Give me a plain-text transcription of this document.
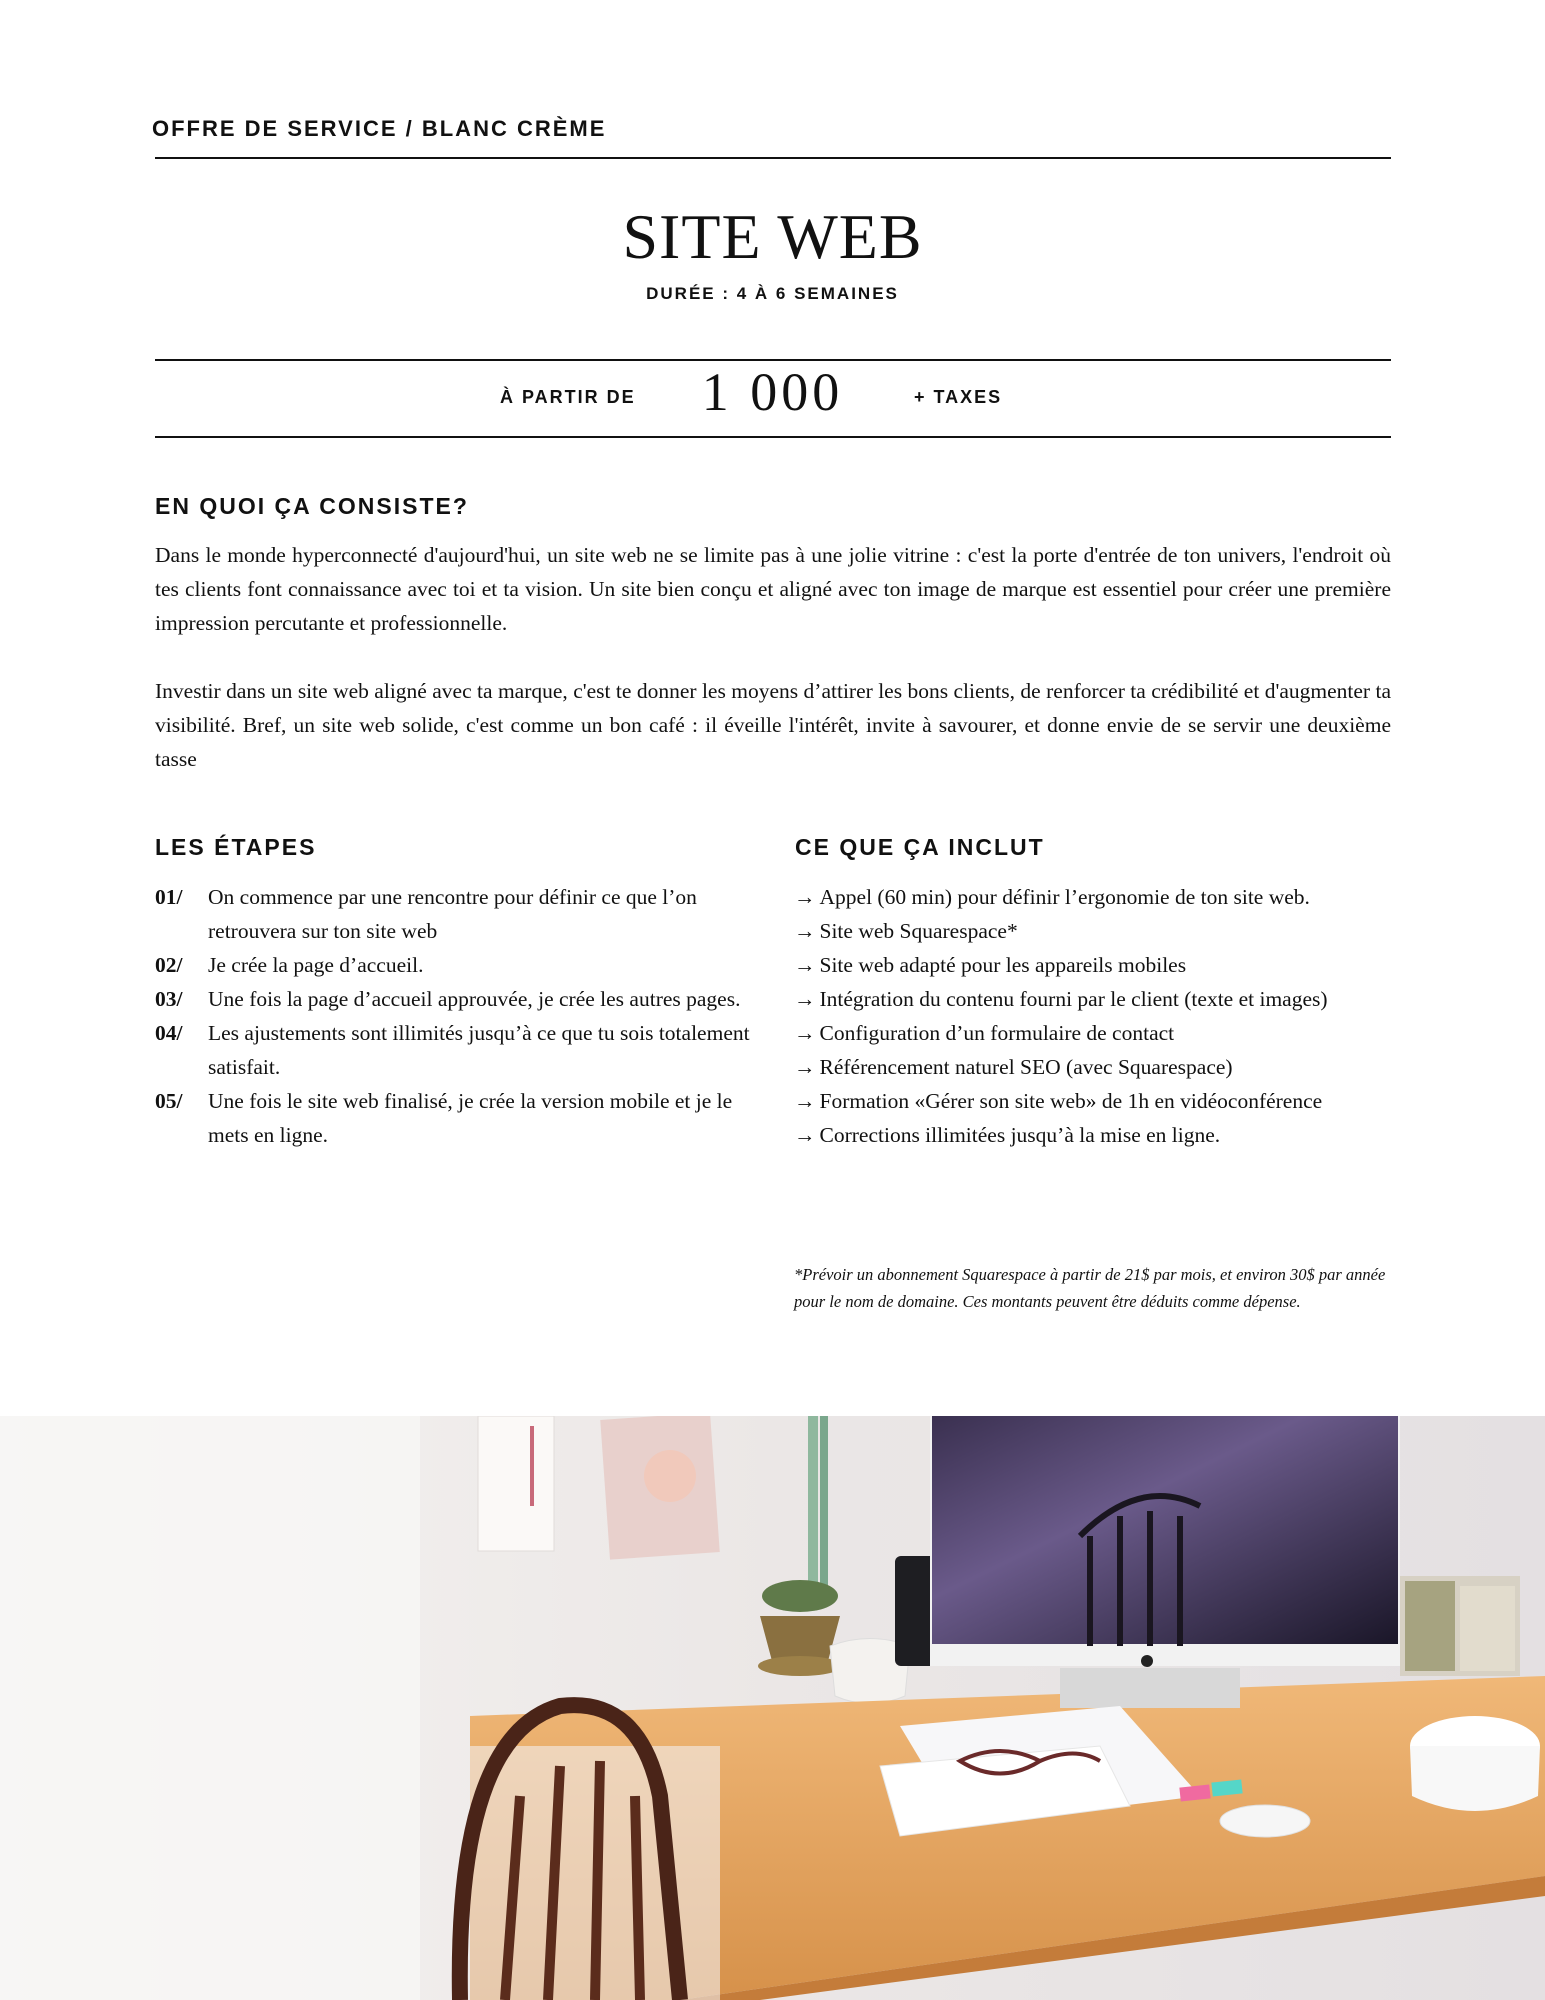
OFFRE DE SERVICE / BLANC CRÈME
SITE WEB
DURÉE : 4 À 6 SEMAINES
À PARTIR DE	1 000	+ TAXES
EN QUOI ÇA CONSISTE?

Dans le monde hyperconnecté d'aujourd'hui, un site web ne se limite pas à une jolie vitrine : c'est la porte d'entrée de ton univers, l'endroit où tes clients font connaissance avec toi et ta vision. Un site bien conçu et aligné avec ton image de marque est essentiel pour créer une première impression percutante et professionnelle.

Investir dans un site web aligné avec ta marque, c'est te donner les moyens d’attirer les bons clients, de renforcer ta crédibilité et d'augmenter ta visibilité. Bref, un site web solide, c'est comme un bon café : il éveille l'intérêt, invite à savourer, et donne envie de se servir une deuxième tasse

LES ÉTAPES
01/	On commence par une rencontre pour définir ce que l’on retrouvera sur ton site web
02/	Je crée la page d’accueil.
03/	Une fois la page d’accueil approuvée, je crée les autres pages.
04/	Les ajustements sont illimités jusqu’à ce que tu sois totalement satisfait.
05/	Une fois le site web finalisé, je crée la version mobile et je le mets en ligne.
CE QUE ÇA INCLUT
→ Appel (60 min) pour définir l’ergonomie de ton site web.
→ Site web Squarespace*
→ Site web adapté pour les appareils mobiles
→ Intégration du contenu fourni par le client (texte et images)
→ Configuration d’un formulaire de contact
→ Référencement naturel SEO (avec Squarespace)
→ Formation «Gérer son site web» de 1h en vidéoconférence
→ Corrections illimitées jusqu’à la mise en ligne.
*Prévoir un abonnement Squarespace à partir de 21$ par mois, et environ 30$ par année pour le nom de domaine. Ces montants peuvent être déduits comme dépense.
